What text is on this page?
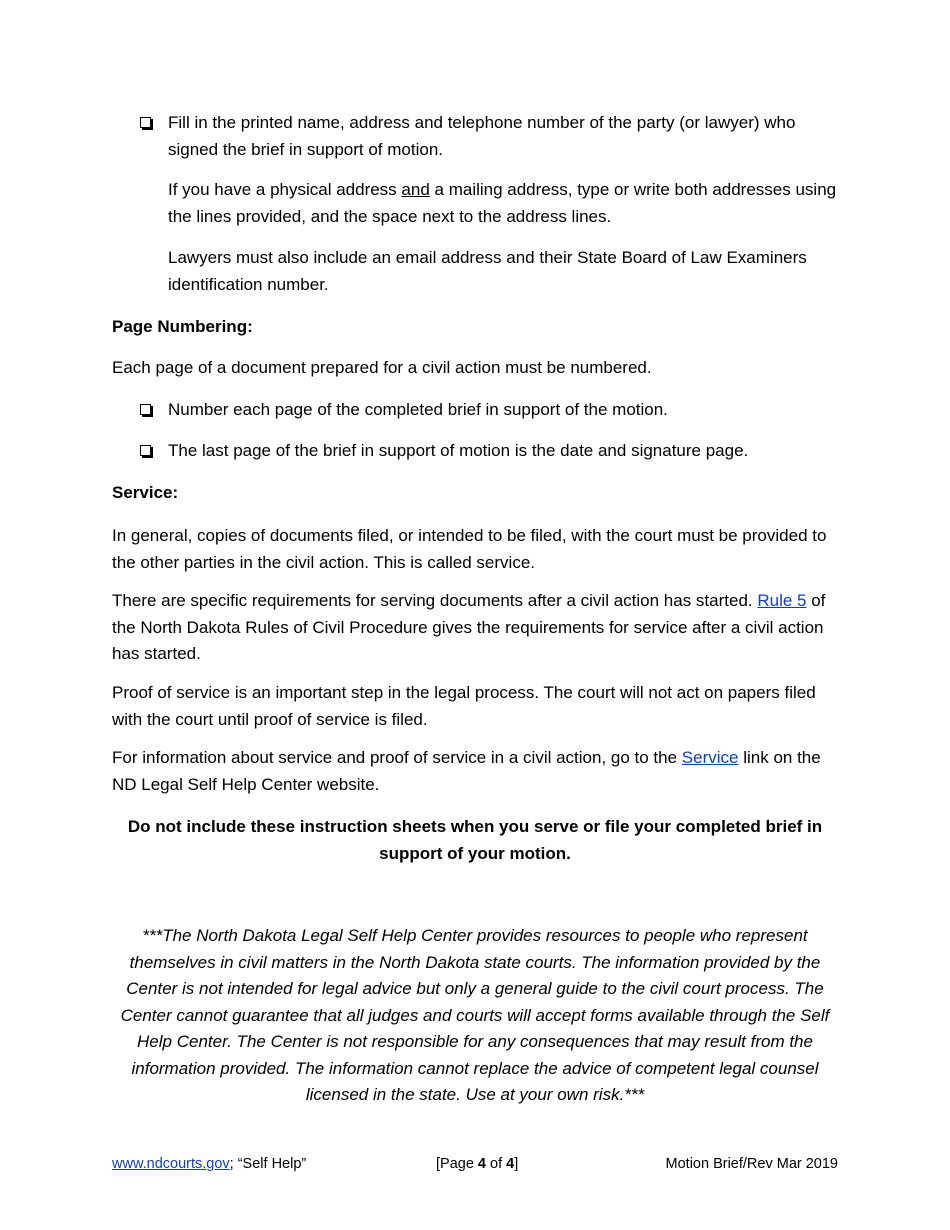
Fill in the printed name, address and telephone number of the party (or lawyer) who signed the brief in support of motion.

If you have a physical address and a mailing address, type or write both addresses using the lines provided, and the space next to the address lines.

Lawyers must also include an email address and their State Board of Law Examiners identification number.

Page Numbering:

Each page of a document prepared for a civil action must be numbered.

Number each page of the completed brief in support of the motion.

The last page of the brief in support of motion is the date and signature page.

Service:

In general, copies of documents filed, or intended to be filed, with the court must be provided to the other parties in the civil action. This is called service.

There are specific requirements for serving documents after a civil action has started. Rule 5 of the North Dakota Rules of Civil Procedure gives the requirements for service after a civil action has started.

Proof of service is an important step in the legal process. The court will not act on papers filed with the court until proof of service is filed.

For information about service and proof of service in a civil action, go to the Service link on the ND Legal Self Help Center website.

Do not include these instruction sheets when you serve or file your completed brief in support of your motion.

***The North Dakota Legal Self Help Center provides resources to people who represent themselves in civil matters in the North Dakota state courts. The information provided by the Center is not intended for legal advice but only a general guide to the civil court process. The Center cannot guarantee that all judges and courts will accept forms available through the Self Help Center. The Center is not responsible for any consequences that may result from the information provided. The information cannot replace the advice of competent legal counsel licensed in the state. Use at your own risk.***

www.ndcourts.gov; “Self Help”	[Page 4 of 4]	Motion Brief/Rev Mar 2019
